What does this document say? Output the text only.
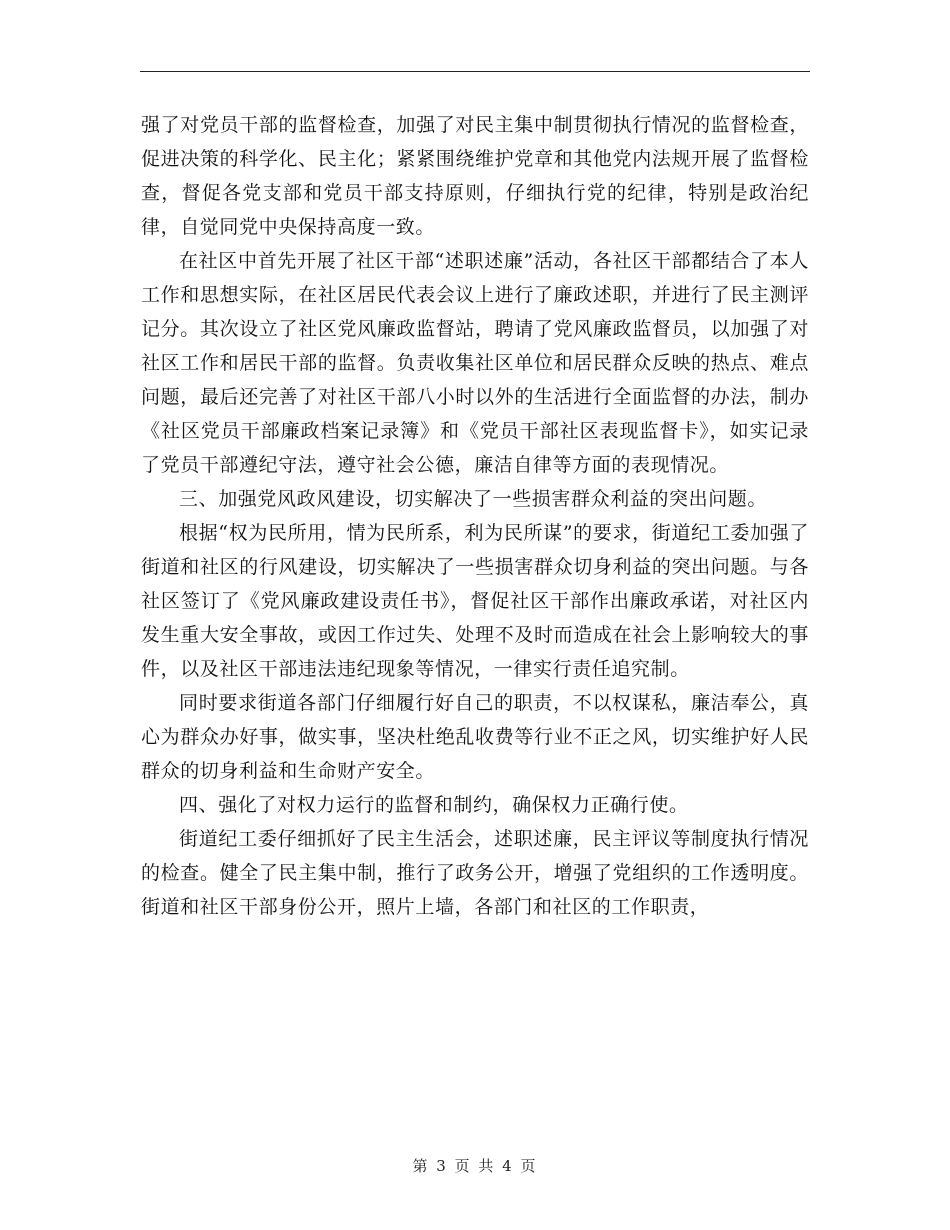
强了对党员干部的监督检查，加强了对民主集中制贯彻执行情况的监督检查，促进决策的科学化、民主化；紧紧围绕维护党章和其他党内法规开展了监督检查，督促各党支部和党员干部支持原则，仔细执行党的纪律，特别是政治纪律，自觉同党中央保持高度一致。

在社区中首先开展了社区干部“述职述廉”活动，各社区干部都结合了本人工作和思想实际，在社区居民代表会议上进行了廉政述职，并进行了民主测评记分。其次设立了社区党风廉政监督站，聘请了党风廉政监督员，以加强了对社区工作和居民干部的监督。负责收集社区单位和居民群众反映的热点、难点问题，最后还完善了对社区干部八小时以外的生活进行全面监督的办法，制办《社区党员干部廉政档案记录簿》和《党员干部社区表现监督卡》，如实记录了党员干部遵纪守法，遵守社会公德，廉洁自律等方面的表现情况。

三、加强党风政风建设，切实解决了一些损害群众利益的突出问题。

根据“权为民所用，情为民所系，利为民所谋”的要求，街道纪工委加强了街道和社区的行风建设，切实解决了一些损害群众切身利益的突出问题。与各社区签订了《党风廉政建设责任书》，督促社区干部作出廉政承诺，对社区内发生重大安全事故，或因工作过失、处理不及时而造成在社会上影响较大的事件，以及社区干部违法违纪现象等情况，一律实行责任追究制。

同时要求街道各部门仔细履行好自己的职责，不以权谋私，廉洁奉公，真心为群众办好事，做实事，坚决杜绝乱收费等行业不正之风，切实维护好人民群众的切身利益和生命财产安全。

四、强化了对权力运行的监督和制约，确保权力正确行使。

街道纪工委仔细抓好了民主生活会，述职述廉，民主评议等制度执行情况的检查。健全了民主集中制，推行了政务公开，增强了党组织的工作透明度。街道和社区干部身份公开，照片上墙，各部门和社区的工作职责，

第 3 页 共 4 页
